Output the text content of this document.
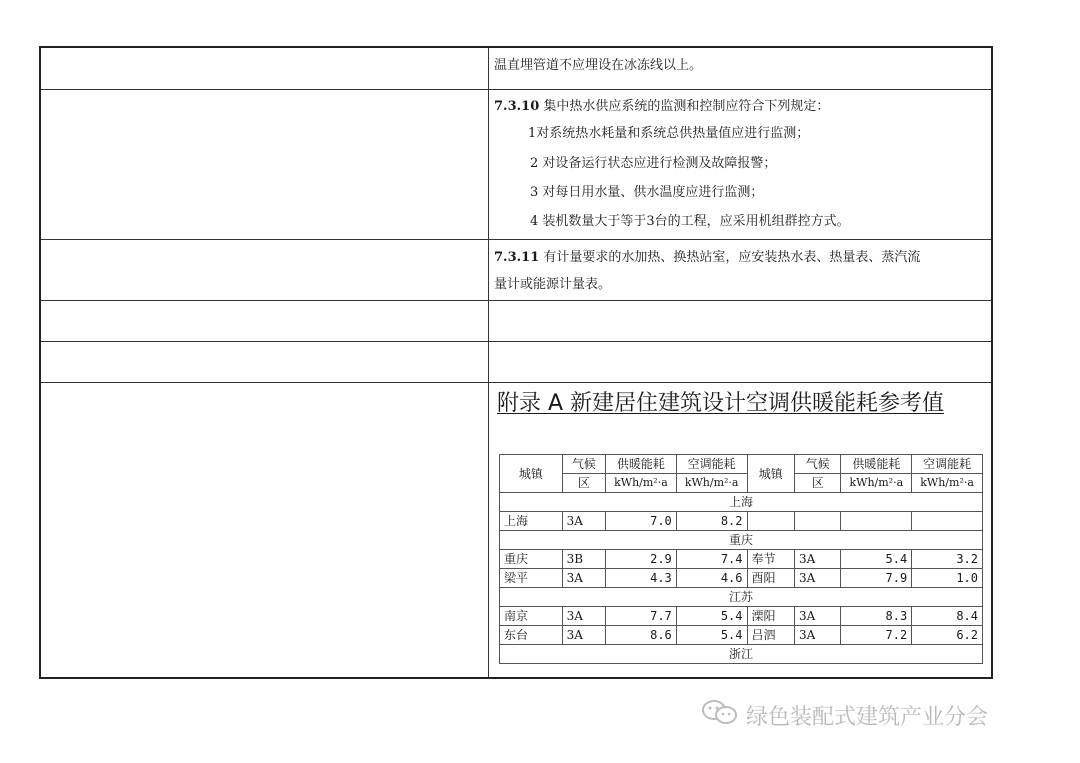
温直埋管道不应埋设在冰冻线以上。
7.3.10 集中热水供应系统的监测和控制应符合下列规定：
1对系统热水耗量和系统总供热量值应进行监测；
2 对设备运行状态应进行检测及故障报警；
3 对每日用水量、供水温度应进行监测；
4 装机数量大于等于3台的工程，应采用机组群控方式。
7.3.11 有计量要求的水加热、换热站室，应安装热水表、热量表、蒸汽流
量计或能源计量表。
附录 A 新建居住建筑设计空调供暖能耗参考值
城镇	气候	供暖能耗	空调能耗	城镇	气候	供暖能耗	空调能耗
	区	kWh/m²·a	kWh/m²·a		区	kWh/m²·a	kWh/m²·a
上海							
上海	3A	7.0	8.2				
重庆							
重庆	3B	2.9	7.4	奉节	3A	5.4	3.2
梁平	3A	4.3	4.6	酉阳	3A	7.9	1.0
江苏							
南京	3A	7.7	5.4	溧阳	3A	8.3	8.4
东台	3A	8.6	5.4	吕泗	3A	7.2	6.2
浙江							
绿色装配式建筑产业分会
